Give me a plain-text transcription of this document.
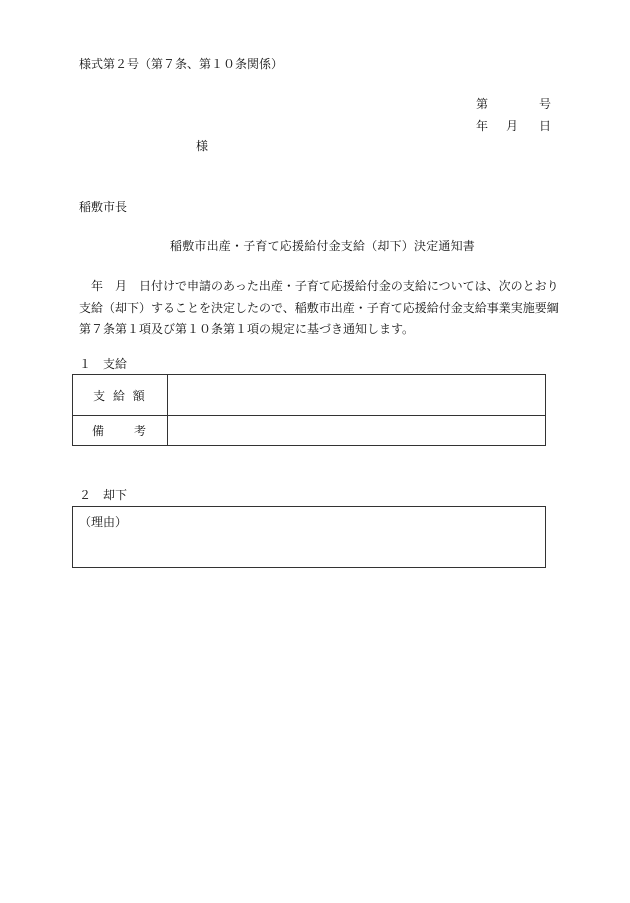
様式第２号（第７条、第１０条関係）
第	号
年 月 日
様
稲敷市長
稲敷市出産・子育て応援給付金支給（却下）決定通知書
　年　月　日付けで申請のあった出産・子育て応援給付金の支給については、次のとおり
支給（却下）することを決定したので、稲敷市出産・子育て応援給付金支給事業実施要綱
第７条第１項及び第１０条第１項の規定に基づき通知します。
１　支給
支 給 額	
備　　考	
２　却下
（理由）
